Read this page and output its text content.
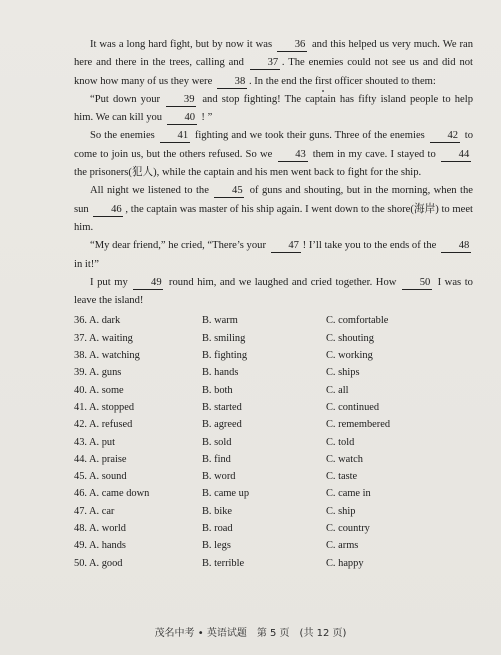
It was a long hard fight, but by now it was 36 and this helped us very much. We ran here and there in the trees, calling and 37 . The enemies could not see us and did not know how many of us they were 38 . In the end the first officer shouted to them:

“Put down your 39 and stop fighting! The captain has fifty island people to help him. We can kill you 40 ! ”

So the enemies 41 fighting and we took their guns. Three of the enemies 42 to come to join us, but the others refused. So we 43 them in my cave. I stayed to 44 the prisoners(犯人), while the captain and his men went back to fight for the ship.

All night we listened to the 45 of guns and shouting, but in the morning, when the sun 46 , the captain was master of his ship again. I went down to the shore(海岸) to meet him.

“My dear friend,” he cried, “There’s your 47 ! I’ll take you to the ends of the 48 in it!”

I put my 49 round him, and we laughed and cried together. How 50 I was to leave the island!

36. A. dark	B. warm	C. comfortable
37. A. waiting	B. smiling	C. shouting
38. A. watching	B. fighting	C. working
39. A. guns	B. hands	C. ships
40. A. some	B. both	C. all
41. A. stopped	B. started	C. continued
42. A. refused	B. agreed	C. remembered
43. A. put	B. sold	C. told
44. A. praise	B. find	C. watch
45. A. sound	B. word	C. taste
46. A. came down	B. came up	C. came in
47. A. car	B. bike	C. ship
48. A. world	B. road	C. country
49. A. hands	B. legs	C. arms
50. A. good	B. terrible	C. happy
茂名中考 • 英语试题　第 5 页　(共 12 页)
